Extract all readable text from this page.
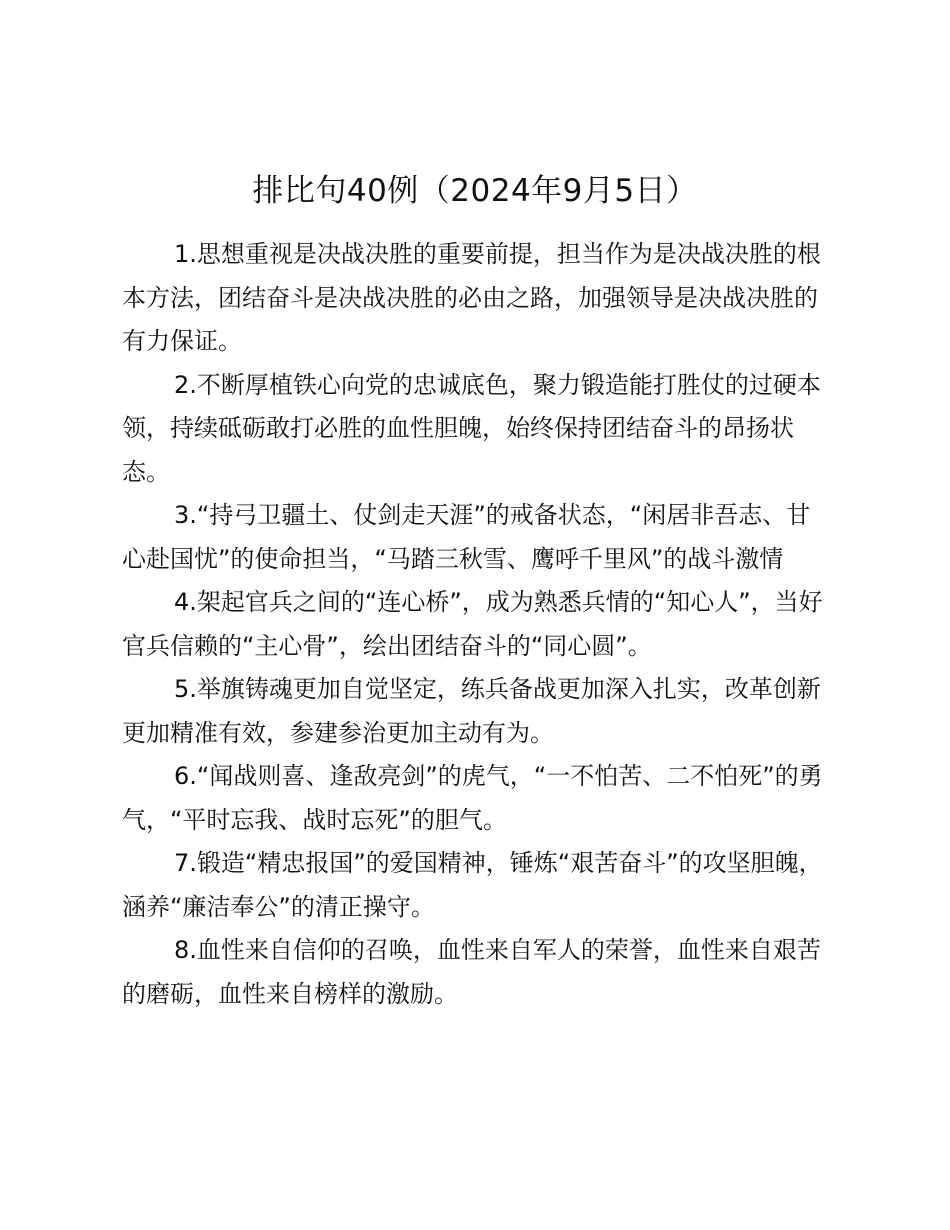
排比句40例（2024年9月5日）

1.思想重视是决战决胜的重要前提，担当作为是决战决胜的根本方法，团结奋斗是决战决胜的必由之路，加强领导是决战决胜的有力保证。

2.不断厚植铁心向党的忠诚底色，聚力锻造能打胜仗的过硬本领，持续砥砺敢打必胜的血性胆魄，始终保持团结奋斗的昂扬状态。

3.“持弓卫疆土、仗剑走天涯”的戒备状态，“闲居非吾志、甘心赴国忧”的使命担当，“马踏三秋雪、鹰呼千里风”的战斗激情

4.架起官兵之间的“连心桥”，成为熟悉兵情的“知心人”，当好官兵信赖的“主心骨”，绘出团结奋斗的“同心圆”。

5.举旗铸魂更加自觉坚定，练兵备战更加深入扎实，改革创新更加精准有效，参建参治更加主动有为。

6.“闻战则喜、逢敌亮剑”的虎气，“一不怕苦、二不怕死”的勇气，“平时忘我、战时忘死”的胆气。

7.锻造“精忠报国”的爱国精神，锤炼“艰苦奋斗”的攻坚胆魄，涵养“廉洁奉公”的清正操守。

8.血性来自信仰的召唤，血性来自军人的荣誉，血性来自艰苦的磨砺，血性来自榜样的激励。
